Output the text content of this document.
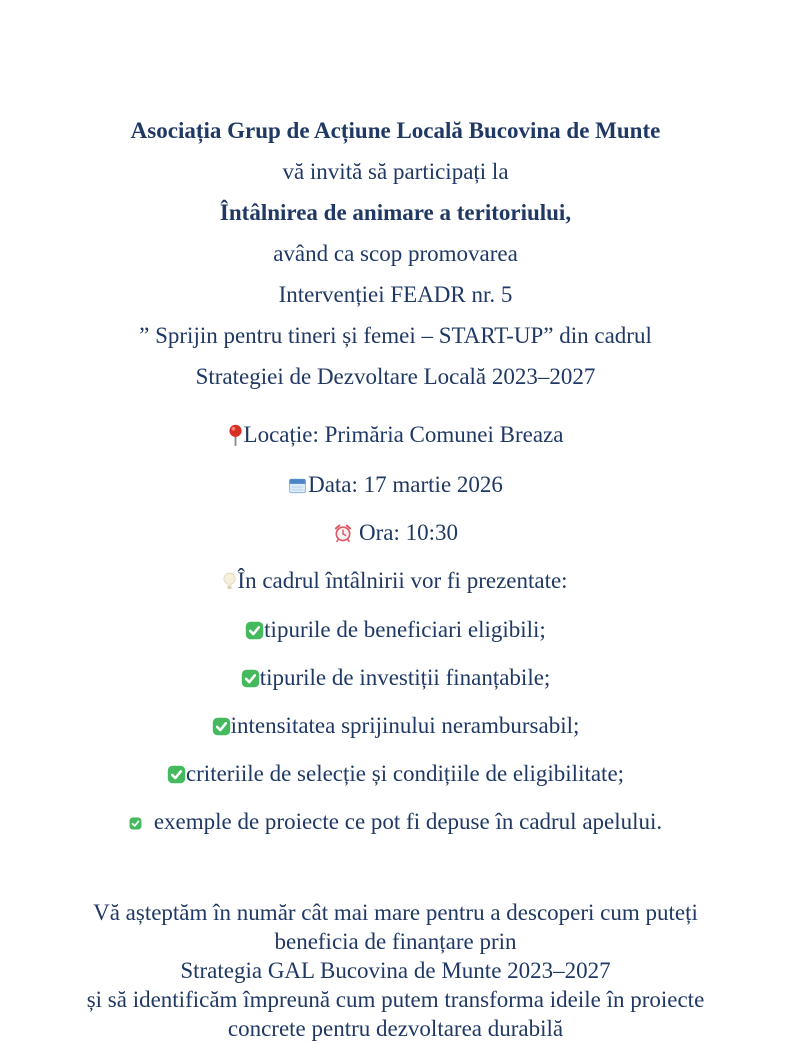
Asociația Grup de Acțiune Locală Bucovina de Munte
vă invită să participați la
Întâlnirea de animare a teritoriului,
având ca scop promovarea
Intervenției FEADR nr. 5
” Sprijin pentru tineri și femei – START-UP” din cadrul
Strategiei de Dezvoltare Locală 2023–2027
Locație: Primăria Comunei Breaza
Data: 17 martie 2026
Ora: 10:30
În cadrul întâlnirii vor fi prezentate:
tipurile de beneficiari eligibili;
tipurile de investiții finanțabile;
intensitatea sprijinului nerambursabil;
criteriile de selecție și condițiile de eligibilitate;
exemple de proiecte ce pot fi depuse în cadrul apelului.
Vă așteptăm în număr cât mai mare pentru a descoperi cum puteți
beneficia de finanțare prin
Strategia GAL Bucovina de Munte 2023–2027
și să identificăm împreună cum putem transforma ideile în proiecte
concrete pentru dezvoltarea durabilă
